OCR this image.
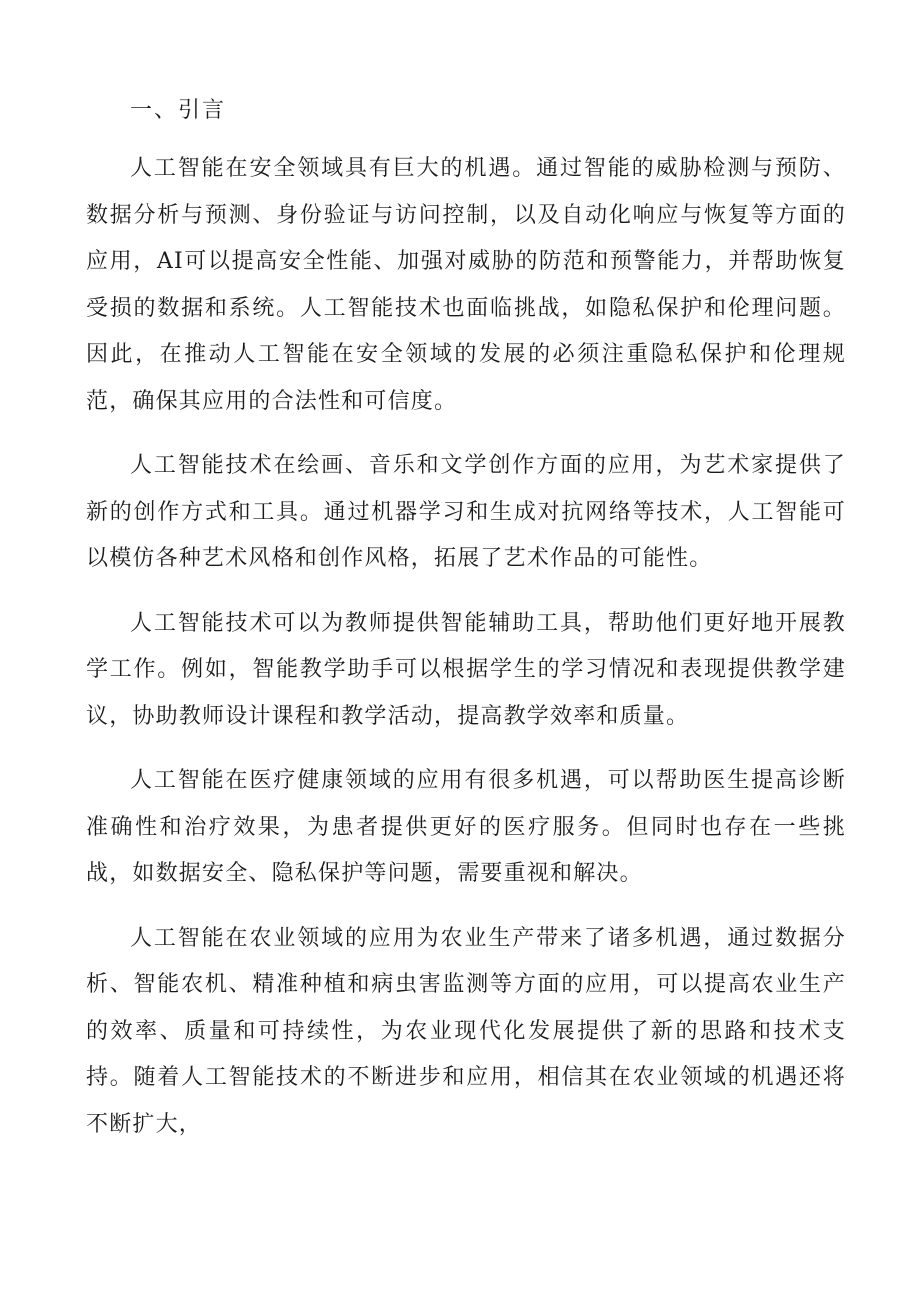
一、引言

人工智能在安全领域具有巨大的机遇。通过智能的威胁检测与预防、数据分析与预测、身份验证与访问控制，以及自动化响应与恢复等方面的应用，AI可以提高安全性能、加强对威胁的防范和预警能力，并帮助恢复受损的数据和系统。人工智能技术也面临挑战，如隐私保护和伦理问题。因此，在推动人工智能在安全领域的发展的必须注重隐私保护和伦理规范，确保其应用的合法性和可信度。

人工智能技术在绘画、音乐和文学创作方面的应用，为艺术家提供了新的创作方式和工具。通过机器学习和生成对抗网络等技术，人工智能可以模仿各种艺术风格和创作风格，拓展了艺术作品的可能性。

人工智能技术可以为教师提供智能辅助工具，帮助他们更好地开展教学工作。例如，智能教学助手可以根据学生的学习情况和表现提供教学建议，协助教师设计课程和教学活动，提高教学效率和质量。

人工智能在医疗健康领域的应用有很多机遇，可以帮助医生提高诊断准确性和治疗效果，为患者提供更好的医疗服务。但同时也存在一些挑战，如数据安全、隐私保护等问题，需要重视和解决。

人工智能在农业领域的应用为农业生产带来了诸多机遇，通过数据分析、智能农机、精准种植和病虫害监测等方面的应用，可以提高农业生产的效率、质量和可持续性，为农业现代化发展提供了新的思路和技术支持。随着人工智能技术的不断进步和应用，相信其在农业领域的机遇还将不断扩大，
